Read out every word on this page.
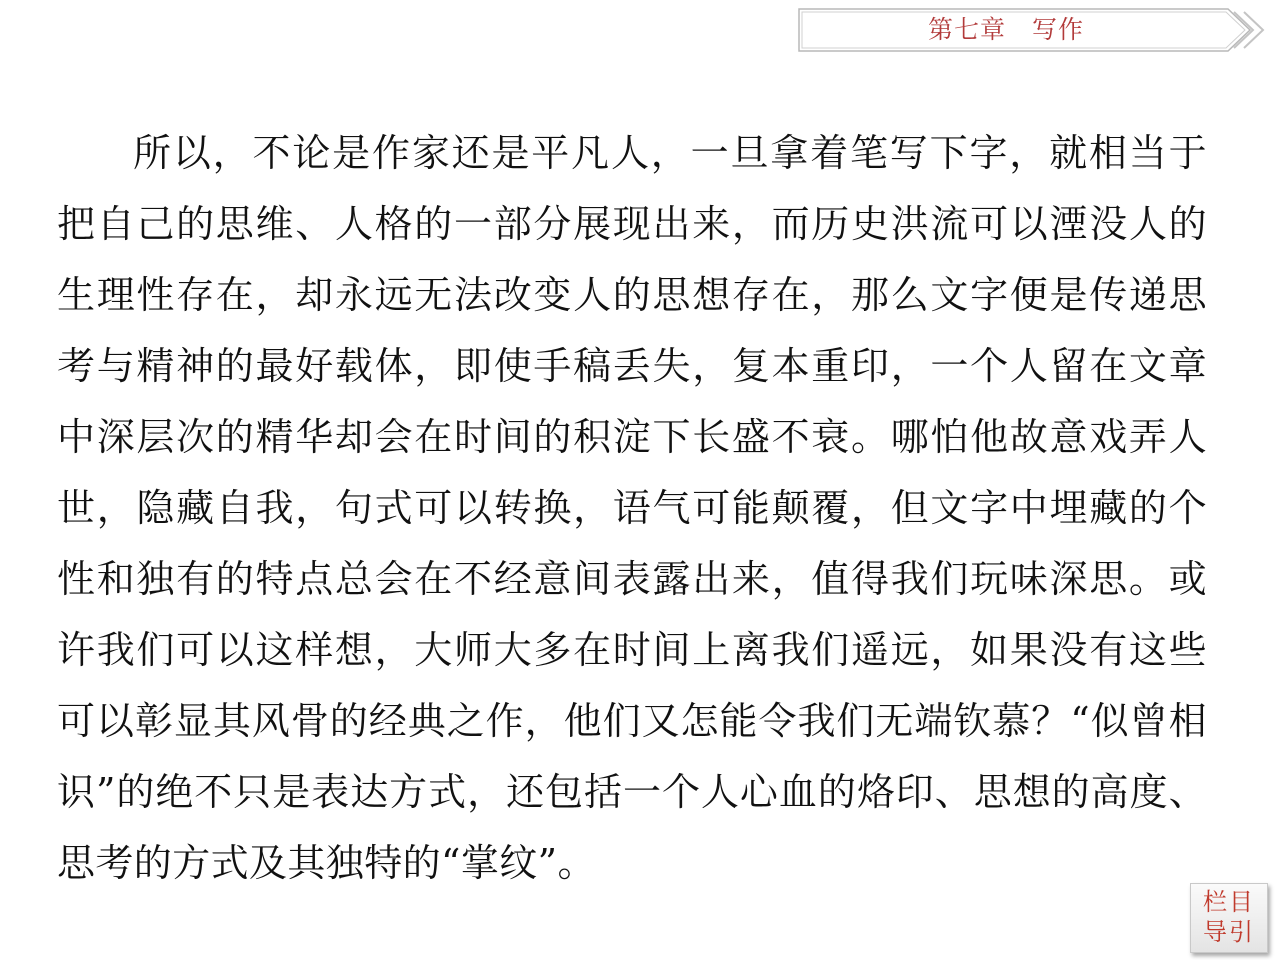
第七章　写作

所以，不论是作家还是平凡人，一旦拿着笔写下字，就相当于把自己的思维、人格的一部分展现出来，而历史洪流可以湮没人的生理性存在，却永远无法改变人的思想存在，那么文字便是传递思考与精神的最好载体，即使手稿丢失，复本重印，一个人留在文章中深层次的精华却会在时间的积淀下长盛不衰。哪怕他故意戏弄人世，隐藏自我，句式可以转换，语气可能颠覆，但文字中埋藏的个性和独有的特点总会在不经意间表露出来，值得我们玩味深思。或许我们可以这样想，大师大多在时间上离我们遥远，如果没有这些可以彰显其风骨的经典之作，他们又怎能令我们无端钦慕？“似曾相识”的绝不只是表达方式，还包括一个人心血的烙印、思想的高度、思考的方式及其独特的“掌纹”。

栏目
导引
